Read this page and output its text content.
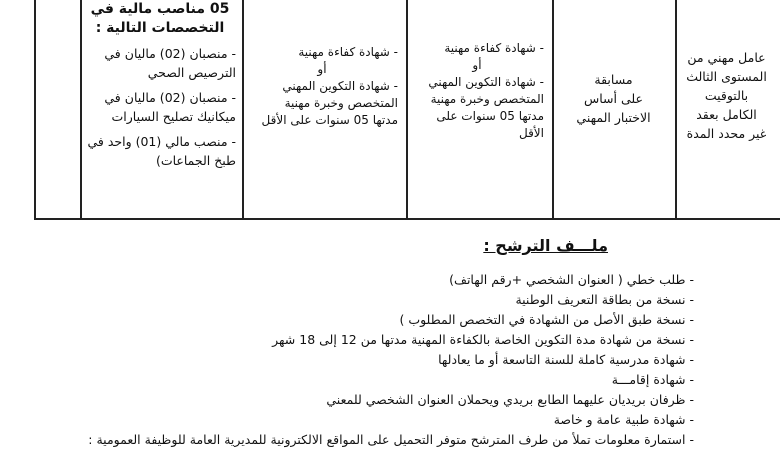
عامل مهني من
المستوى الثالث
بالتوقيت
الكامل بعقد
غير محدد المدة
مسابقة
على أساس
الاختبار المهني
- شهادة كفاءة مهنية
أو
- شهادة التكوين المهني
المتخصص وخبرة مهنية
مدتها 05 سنوات على
الأقل
- شهادة كفاءة مهنية
أو
- شهادة التكوين المهني
المتخصص وخبرة مهنية
مدتها 05 سنوات على الأقل
05 مناصب مالية في
التخصصات التالية :
- منصبان (02) ماليان في
الترصيص الصحي
- منصبان (02) ماليان في
ميكانيك تصليح السيارات
- منصب مالي (01) واحد في
طبخ الجماعات)
ملـــف الترشح :
- طلب خطي ( العنوان الشخصي +رقم الهاتف)
- نسخة من بطاقة التعريف الوطنية
- نسخة طبق الأصل من الشهادة في التخصص المطلوب )
- نسخة من شهادة مدة التكوين الخاصة بالكفاءة المهنية مدتها من 12 إلى 18 شهر
- شهادة مدرسية كاملة للسنة التاسعة أو ما يعادلها
- شهادة إقامـــة
- ظرفان بريديان عليهما الطابع بريدي ويحملان العنوان الشخصي للمعني
- شهادة طبية عامة و خاصة
- استمارة معلومات تملأ من طرف المترشح متوفر التحميل على المواقع الالكترونية للمديرية العامة للوظيفة العمومية :
